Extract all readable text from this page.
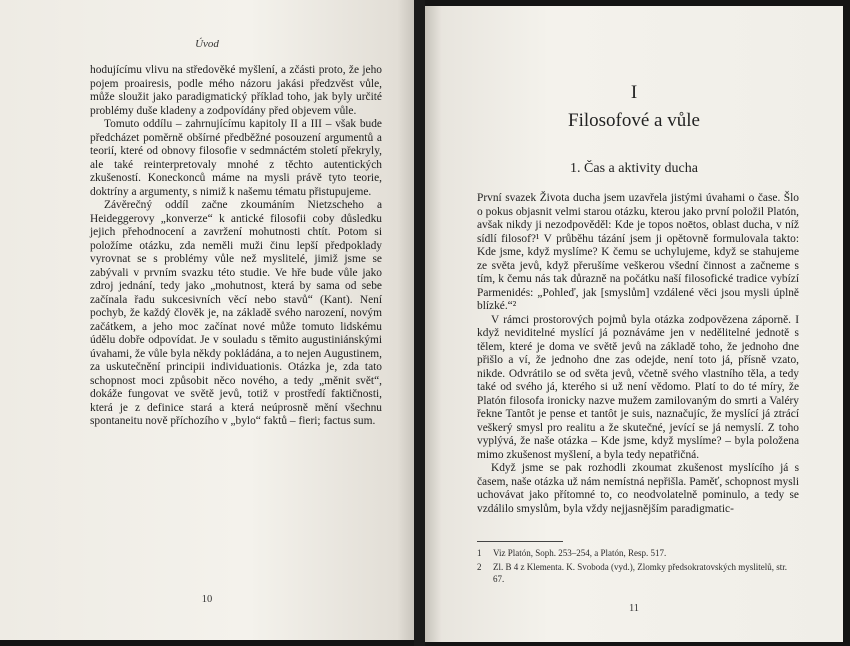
Úvod

hodujícímu vlivu na středověké myšlení, a zčásti proto, že jeho pojem proairesis, podle mého názoru jakási předzvěst vůle, může sloužit jako paradigmatický příklad toho, jak byly určité problémy duše kladeny a zodpovídány před objevem vůle.

Tomuto oddílu – zahrnujícímu kapitoly II a III – však bude předcházet poměrně obšírné předběžné posouzení argumentů a teorií, které od obnovy filosofie v sedmnáctém století překryly, ale také reinterpretovaly mnohé z těchto autentických zkušeností. Koneckonců máme na mysli právě tyto teorie, doktríny a argumenty, s nimiž k našemu tématu přistupujeme.

Závěrečný oddíl začne zkoumáním Nietzscheho a Heideggerovy „konverze“ k antické filosofii coby důsledku jejich přehodnocení a zavržení mohutnosti chtít. Potom si položíme otázku, zda neměli muži činu lepší předpoklady vyrovnat se s problémy vůle než myslitelé, jimiž jsme se zabývali v prvním svazku této studie. Ve hře bude vůle jako zdroj jednání, tedy jako „mohutnost, která by sama od sebe začínala řadu sukcesivních věcí nebo stavů“ (Kant). Není pochyb, že každý člověk je, na základě svého narození, novým začátkem, a jeho moc začínat nové může tomuto lidskému údělu dobře odpovídat. Je v souladu s těmito augustiniánskými úvahami, že vůle byla někdy pokládána, a to nejen Augustinem, za uskutečnění principii individuationis. Otázka je, zda tato schopnost moci způsobit něco nového, a tedy „měnit svět“, dokáže fungovat ve světě jevů, totiž v prostředí faktičnosti, která je z definice stará a která neúprosně mění všechnu spontaneitu nově příchozího v „bylo“ faktů – fieri; factus sum.

10
I
Filosofové a vůle
1. Čas a aktivity ducha

První svazek Života ducha jsem uzavřela jistými úvahami o čase. Šlo o pokus objasnit velmi starou otázku, kterou jako první položil Platón, avšak nikdy ji nezodpověděl: Kde je topos noētos, oblast ducha, v níž sídlí filosof?¹ V průběhu tázání jsem ji opětovně formulovala takto: Kde jsme, když myslíme? K čemu se uchylujeme, když se stahujeme ze světa jevů, když přerušíme veškerou všední činnost a začneme s tím, k čemu nás tak důrazně na počátku naší filosofické tradice vybízí Parmenidés: „Pohleď, jak [smyslům] vzdálené věci jsou mysli úplně blízké.“²

V rámci prostorových pojmů byla otázka zodpovězena záporně. I když neviditelné myslící já poznáváme jen v nedělitelné jednotě s tělem, které je doma ve světě jevů na základě toho, že jednoho dne přišlo a ví, že jednoho dne zas odejde, není toto já, přísně vzato, nikde. Odvrátilo se od světa jevů, včetně svého vlastního těla, a tedy také od svého já, kterého si už není vědomo. Platí to do té míry, že Platón filosofa ironicky nazve mužem zamilovaným do smrti a Valéry řekne Tantôt je pense et tantôt je suis, naznačujíc, že myslící já ztrácí veškerý smysl pro realitu a že skutečné, jevící se já nemyslí. Z toho vyplývá, že naše otázka – Kde jsme, když myslíme? – byla položena mimo zkušenost myšlení, a byla tedy nepatřičná.

Když jsme se pak rozhodli zkoumat zkušenost myslícího já s časem, naše otázka už nám nemístná nepřišla. Paměť, schopnost mysli uchovávat jako přítomné to, co neodvolatelně pominulo, a tedy se vzdálilo smyslům, byla vždy nejjasnějším paradigmatic-

1 Viz Platón, Soph. 253–254, a Platón, Resp. 517.
2 Zl. B 4 z Klementa. K. Svoboda (vyd.), Zlomky předsokratovských myslitelů, str. 67.
11
